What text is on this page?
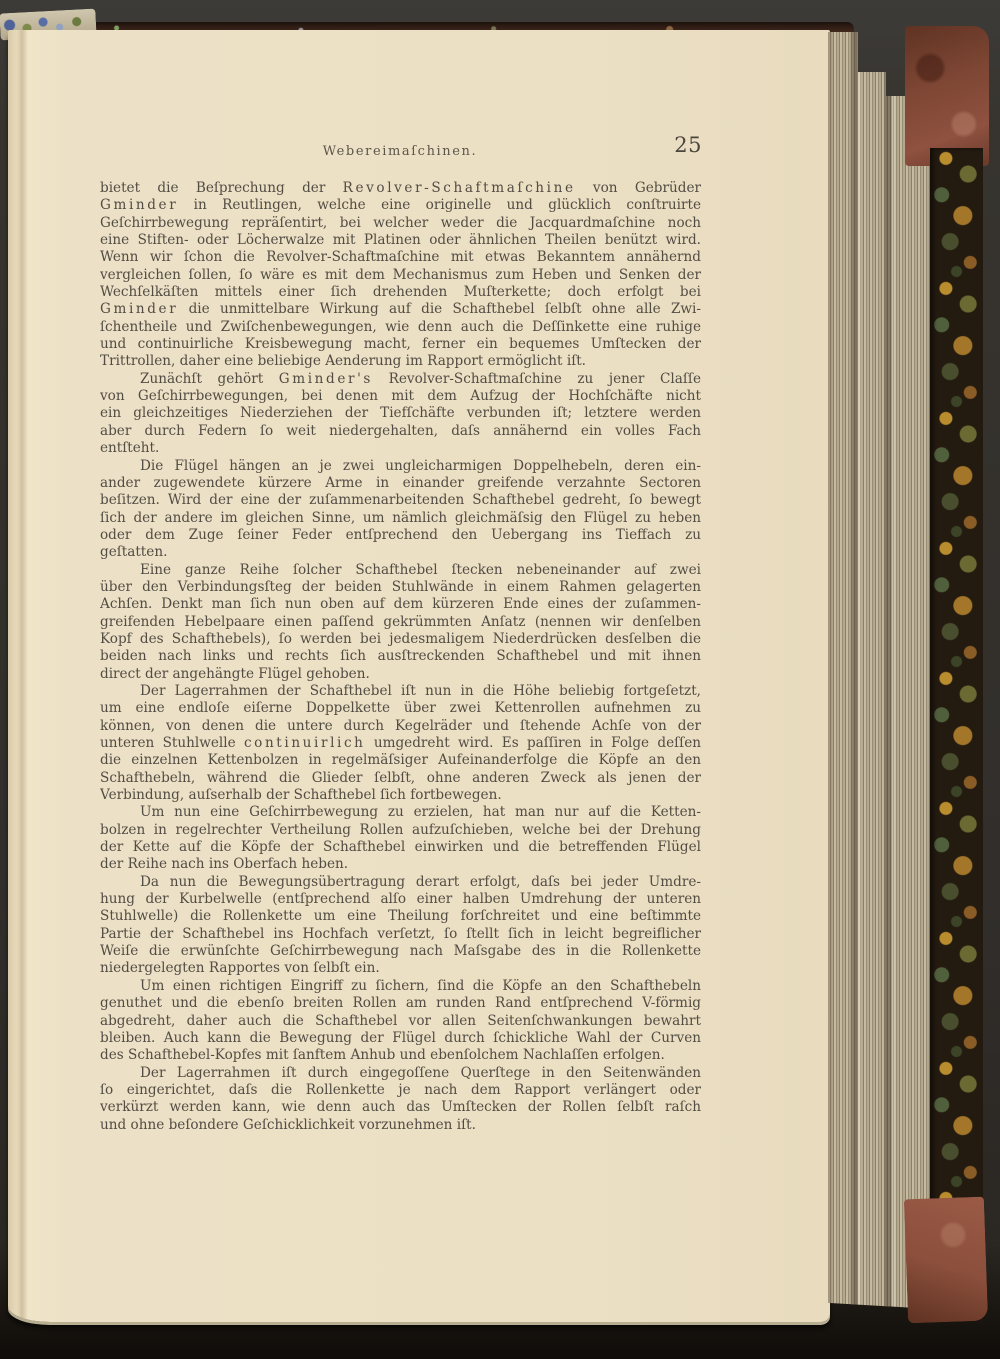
Webereimaſchinen.	25
bietet die Beſprechung der Revolver-Schaftmaſchine von Gebrüder
Gminder in Reutlingen, welche eine originelle und glücklich conſtruirte
Geſchirrbewegung repräſentirt, bei welcher weder die Jacquardmaſchine noch
eine Stiften- oder Löcherwalze mit Platinen oder ähnlichen Theilen benützt wird.
Wenn wir ſchon die Revolver-Schaftmaſchine mit etwas Bekanntem annähernd
vergleichen ſollen, ſo wäre es mit dem Mechanismus zum Heben und Senken der
Wechſelkäſten mittels einer ſich drehenden Muſterkette; doch erfolgt bei
Gminder die unmittelbare Wirkung auf die Schafthebel ſelbſt ohne alle Zwi-
ſchentheile und Zwiſchenbewegungen, wie denn auch die Deſſinkette eine ruhige
und continuirliche Kreisbewegung macht, ferner ein bequemes Umſtecken der
Trittrollen, daher eine beliebige Aenderung im Rapport ermöglicht iſt.
Zunächſt gehört Gminder's Revolver-Schaftmaſchine zu jener Claſſe
von Geſchirrbewegungen, bei denen mit dem Aufzug der Hochſchäfte nicht
ein gleichzeitiges Niederziehen der Tiefſchäfte verbunden iſt; letztere werden
aber durch Federn ſo weit niedergehalten, daſs annähernd ein volles Fach
entſteht.
Die Flügel hängen an je zwei ungleicharmigen Doppelhebeln, deren ein-
ander zugewendete kürzere Arme in einander greifende verzahnte Sectoren
beſitzen. Wird der eine der zuſammenarbeitenden Schafthebel gedreht, ſo bewegt
ſich der andere im gleichen Sinne, um nämlich gleichmäſsig den Flügel zu heben
oder dem Zuge ſeiner Feder entſprechend den Uebergang ins Tieffach zu
geſtatten.
Eine ganze Reihe ſolcher Schafthebel ſtecken nebeneinander auf zwei
über den Verbindungsſteg der beiden Stuhlwände in einem Rahmen gelagerten
Achſen. Denkt man ſich nun oben auf dem kürzeren Ende eines der zuſammen-
greifenden Hebelpaare einen paſſend gekrümmten Anſatz (nennen wir denſelben
Kopf des Schafthebels), ſo werden bei jedesmaligem Niederdrücken desſelben die
beiden nach links und rechts ſich ausſtreckenden Schafthebel und mit ihnen
direct der angehängte Flügel gehoben.
Der Lagerrahmen der Schafthebel iſt nun in die Höhe beliebig fortgeſetzt,
um eine endloſe eiſerne Doppelkette über zwei Kettenrollen aufnehmen zu
können, von denen die untere durch Kegelräder und ſtehende Achſe von der
unteren Stuhlwelle continuirlich umgedreht wird. Es paſſiren in Folge deſſen
die einzelnen Kettenbolzen in regelmäſsiger Aufeinanderfolge die Köpfe an den
Schafthebeln, während die Glieder ſelbſt, ohne anderen Zweck als jenen der
Verbindung, auſserhalb der Schafthebel ſich fortbewegen.
Um nun eine Geſchirrbewegung zu erzielen, hat man nur auf die Ketten-
bolzen in regelrechter Vertheilung Rollen aufzuſchieben, welche bei der Drehung
der Kette auf die Köpfe der Schafthebel einwirken und die betreffenden Flügel
der Reihe nach ins Oberfach heben.
Da nun die Bewegungsübertragung derart erfolgt, daſs bei jeder Umdre-
hung der Kurbelwelle (entſprechend alſo einer halben Umdrehung der unteren
Stuhlwelle) die Rollenkette um eine Theilung forſchreitet und eine beſtimmte
Partie der Schafthebel ins Hochfach verſetzt, ſo ſtellt ſich in leicht begreiflicher
Weiſe die erwünſchte Geſchirrbewegung nach Maſsgabe des in die Rollenkette
niedergelegten Rapportes von ſelbſt ein.
Um einen richtigen Eingriff zu ſichern, ſind die Köpfe an den Schafthebeln
genuthet und die ebenſo breiten Rollen am runden Rand entſprechend V-förmig
abgedreht, daher auch die Schafthebel vor allen Seitenſchwankungen bewahrt
bleiben. Auch kann die Bewegung der Flügel durch ſchickliche Wahl der Curven
des Schafthebel-Kopfes mit ſanftem Anhub und ebenſolchem Nachlaſſen erfolgen.
Der Lagerrahmen iſt durch eingegoſſene Querſtege in den Seitenwänden
ſo eingerichtet, daſs die Rollenkette je nach dem Rapport verlängert oder
verkürzt werden kann, wie denn auch das Umſtecken der Rollen ſelbſt raſch
und ohne beſondere Geſchicklichkeit vorzunehmen iſt.
